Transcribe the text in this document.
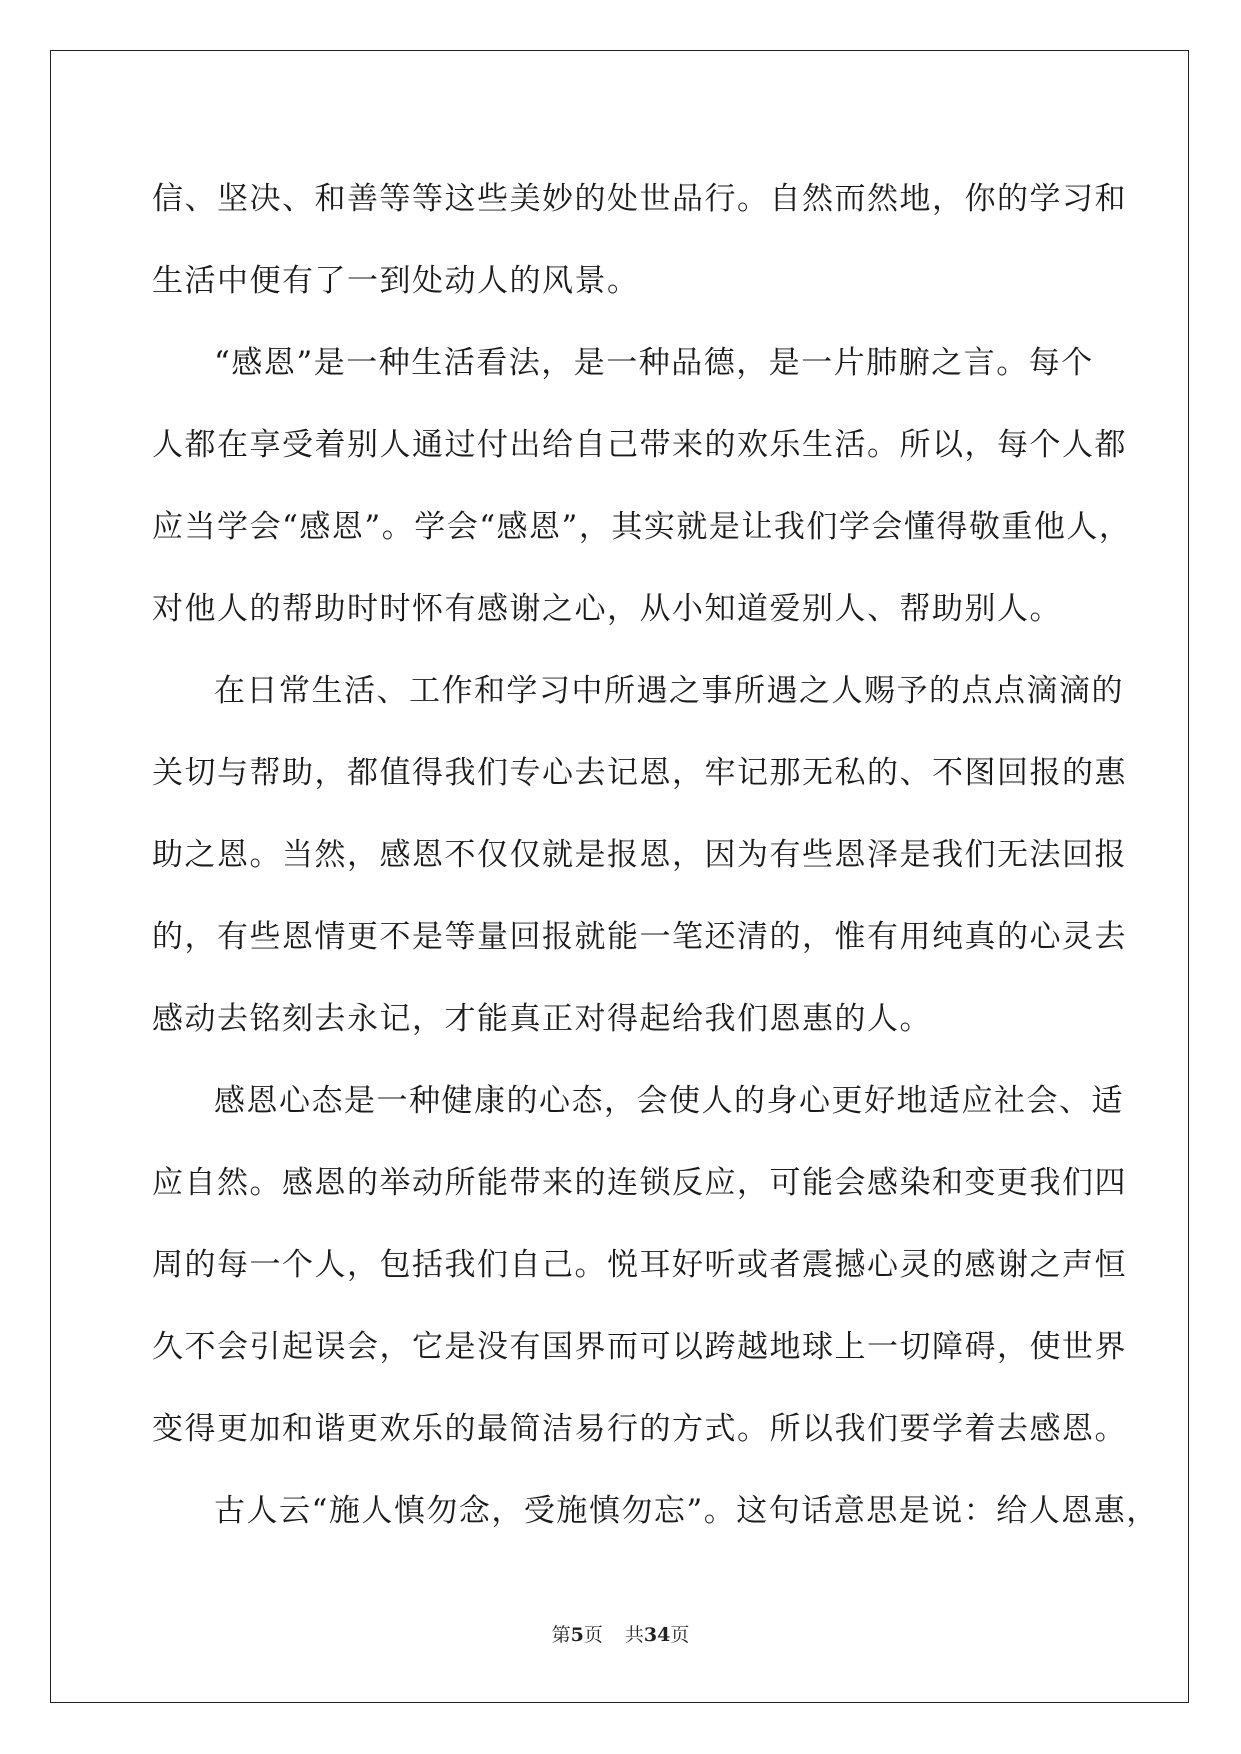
信、坚决、和善等等这些美妙的处世品行。自然而然地，你的学习和
生活中便有了一到处动人的风景。
“感恩”是一种生活看法，是一种品德，是一片肺腑之言。每个
人都在享受着别人通过付出给自己带来的欢乐生活。所以，每个人都
应当学会“感恩”。学会“感恩”，其实就是让我们学会懂得敬重他人，
对他人的帮助时时怀有感谢之心，从小知道爱别人、帮助别人。
在日常生活、工作和学习中所遇之事所遇之人赐予的点点滴滴的
关切与帮助，都值得我们专心去记恩，牢记那无私的、不图回报的惠
助之恩。当然，感恩不仅仅就是报恩，因为有些恩泽是我们无法回报
的，有些恩情更不是等量回报就能一笔还清的，惟有用纯真的心灵去
感动去铭刻去永记，才能真正对得起给我们恩惠的人。
感恩心态是一种健康的心态，会使人的身心更好地适应社会、适
应自然。感恩的举动所能带来的连锁反应，可能会感染和变更我们四
周的每一个人，包括我们自己。悦耳好听或者震撼心灵的感谢之声恒
久不会引起误会，它是没有国界而可以跨越地球上一切障碍，使世界
变得更加和谐更欢乐的最简洁易行的方式。所以我们要学着去感恩。
古人云“施人慎勿念，受施慎勿忘”。这句话意思是说：给人恩惠，
第5页 共34页
